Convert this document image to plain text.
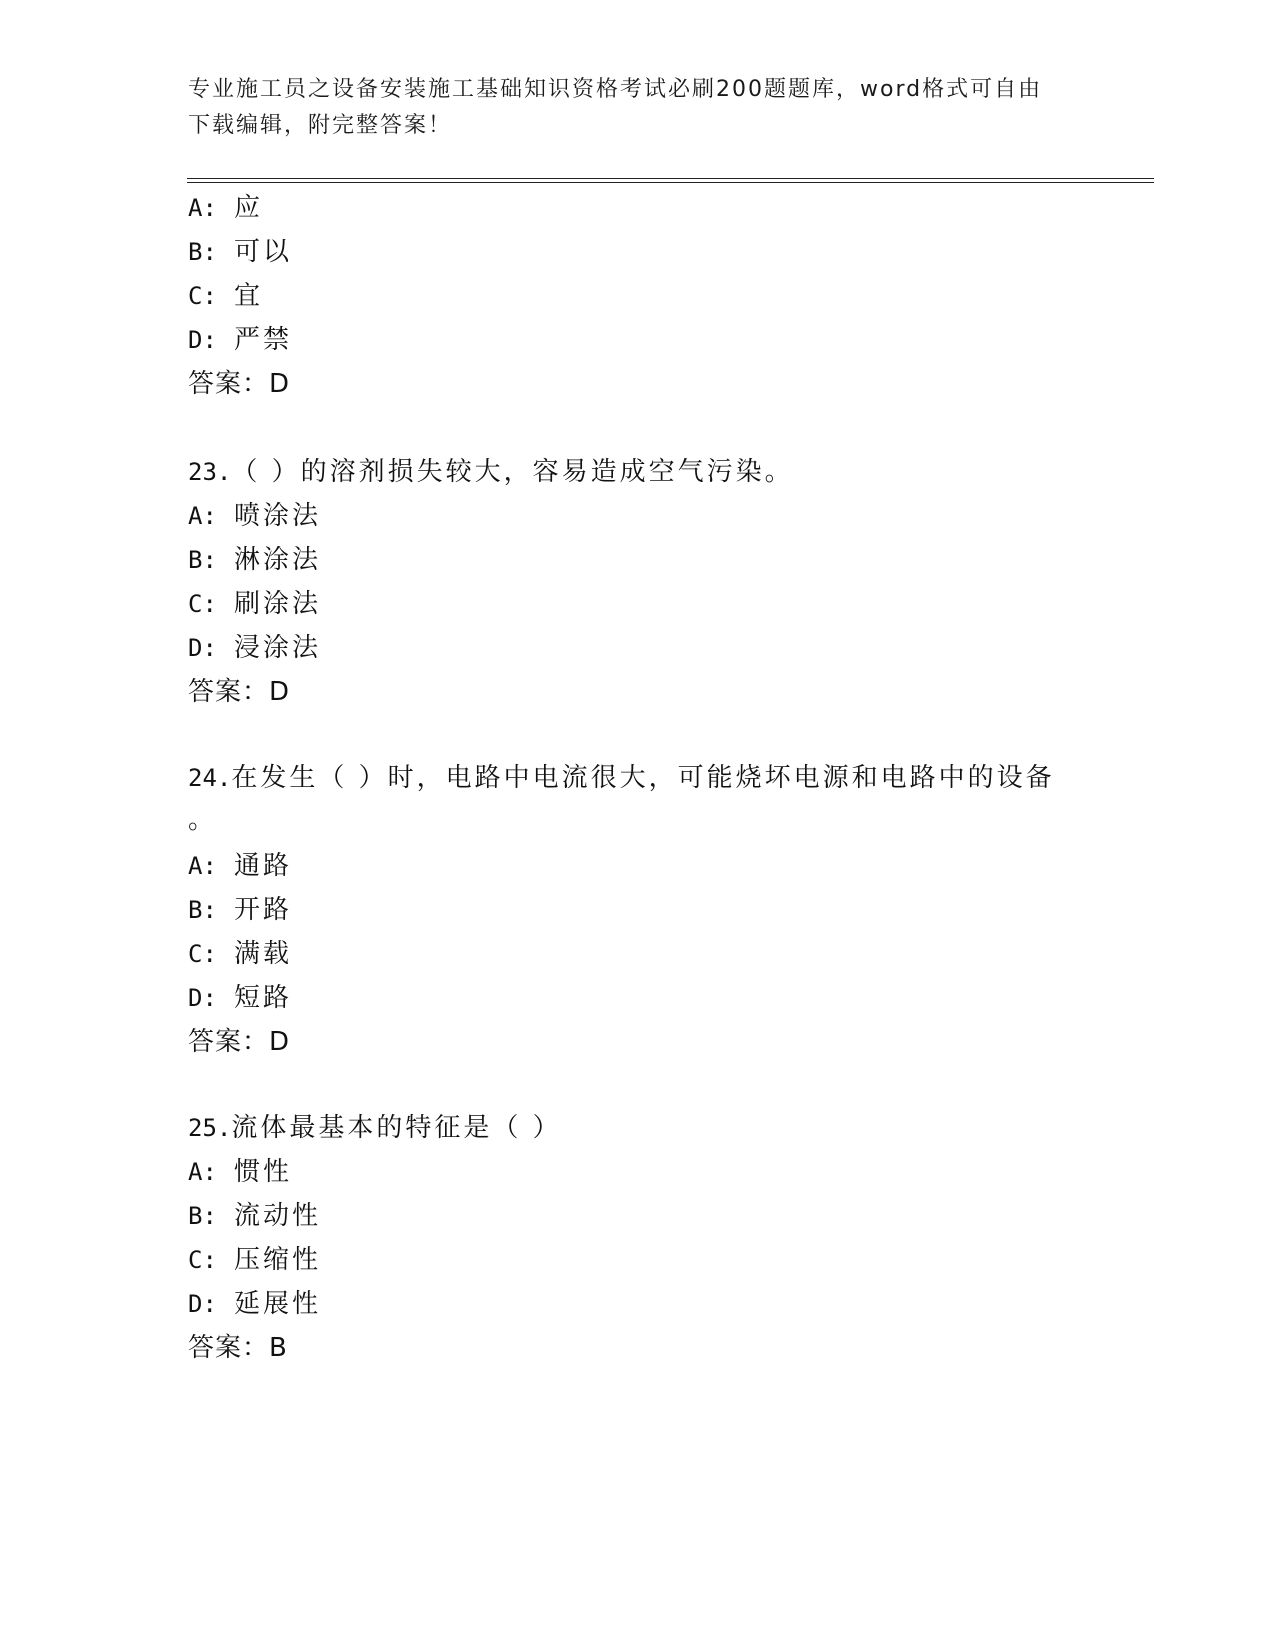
专业施工员之设备安装施工基础知识资格考试必刷200题题库，word格式可自由
下载编辑，附完整答案！
A: 应
B: 可以
C: 宜
D: 严禁
答案：D
23.（ ）的溶剂损失较大，容易造成空气污染。
A: 喷涂法
B: 淋涂法
C: 刷涂法
D: 浸涂法
答案：D
24.在发生（ ）时，电路中电流很大，可能烧坏电源和电路中的设备
。
A: 通路
B: 开路
C: 满载
D: 短路
答案：D
25.流体最基本的特征是（ ）
A: 惯性
B: 流动性
C: 压缩性
D: 延展性
答案：B
